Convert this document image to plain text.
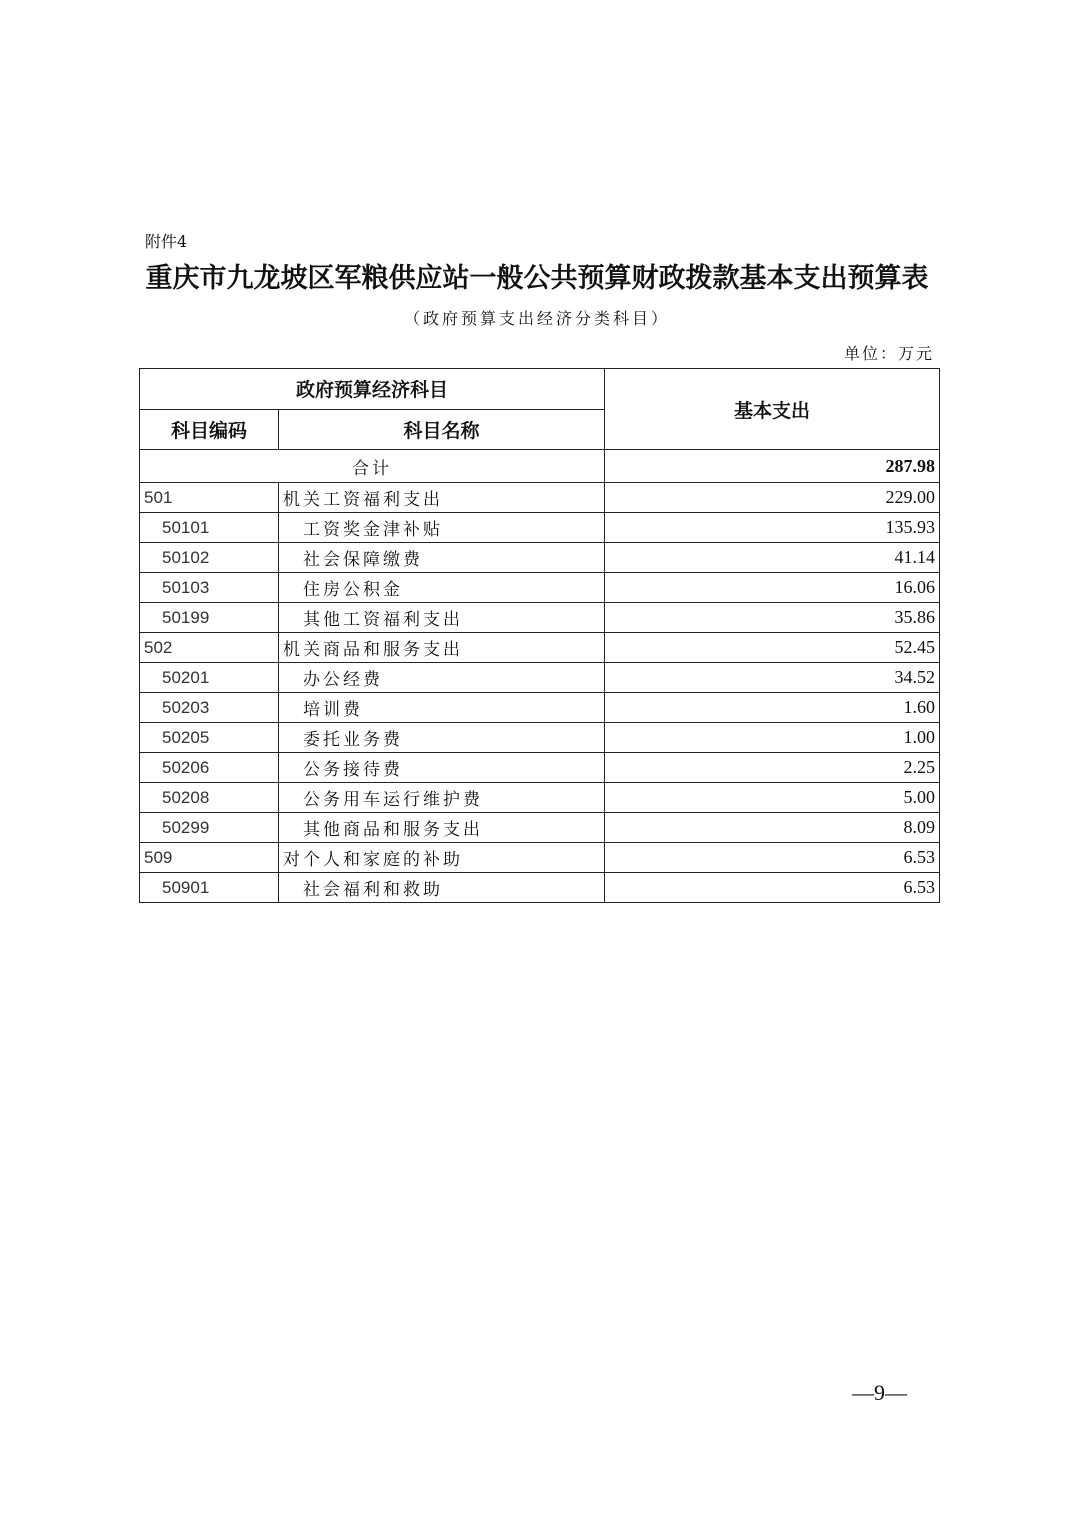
附件4
重庆市九龙坡区军粮供应站一般公共预算财政拨款基本支出预算表
（政府预算支出经济分类科目）
单位：万元
政府预算经济科目		基本支出
科目编码	科目名称	
合计		287.98
501	机关工资福利支出	229.00
50101	工资奖金津补贴	135.93
50102	社会保障缴费	41.14
50103	住房公积金	16.06
50199	其他工资福利支出	35.86
502	机关商品和服务支出	52.45
50201	办公经费	34.52
50203	培训费	1.60
50205	委托业务费	1.00
50206	公务接待费	2.25
50208	公务用车运行维护费	5.00
50299	其他商品和服务支出	8.09
509	对个人和家庭的补助	6.53
50901	社会福利和救助	6.53
—9—
